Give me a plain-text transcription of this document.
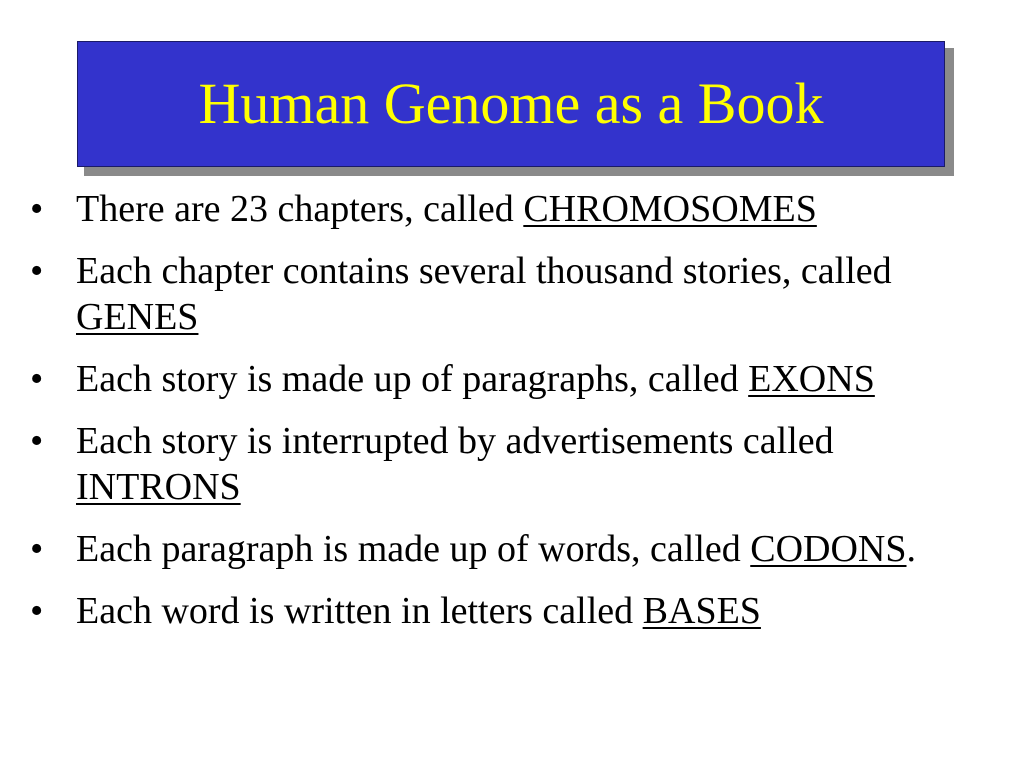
Human Genome as a Book
• There are 23 chapters, called CHROMOSOMES
• Each chapter contains several thousand stories, called GENES
• Each story is made up of paragraphs, called EXONS
• Each story is interrupted by advertisements called INTRONS
• Each paragraph is made up of words, called CODONS.
• Each word is written in letters called BASES
